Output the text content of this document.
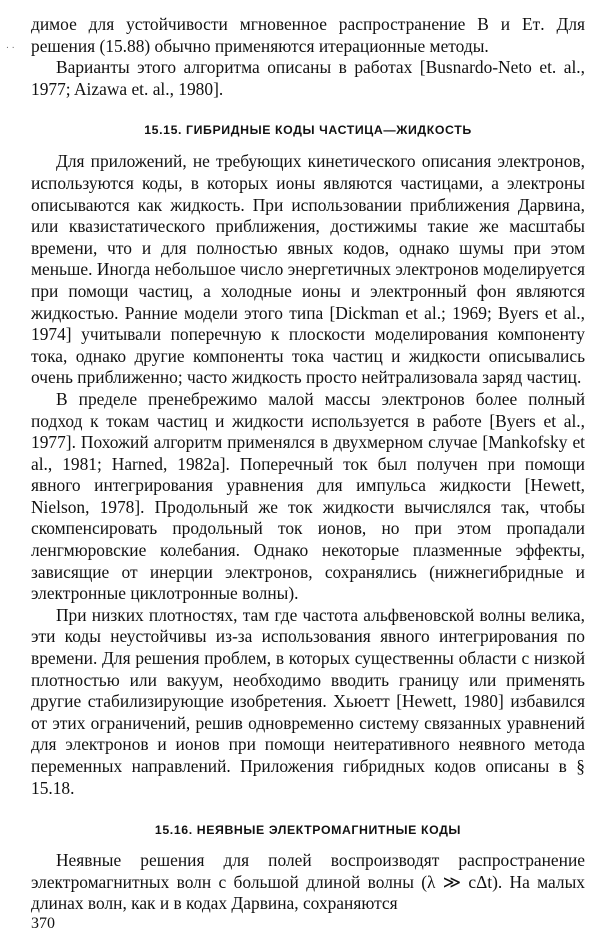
. .

димое для устойчивости мгновенное распространение B и Eᴛ. Для решения (15.88) обычно применяются итерационные методы.

Варианты этого алгоритма описаны в работах [Busnardo-Neto et. al., 1977; Aizawa et. al., 1980].

15.15. ГИБРИДНЫЕ КОДЫ ЧАСТИЦА—ЖИДКОСТЬ

Для приложений, не требующих кинетического описания электронов, используются коды, в которых ионы являются частицами, а электроны описываются как жидкость. При использовании приближения Дарвина, или квазистатического приближения, достижимы такие же масштабы времени, что и для полностью явных кодов, однако шумы при этом меньше. Иногда небольшое число энергетичных электронов моделируется при помощи частиц, а холодные ионы и электронный фон являются жидкостью. Ранние модели этого типа [Dickman et al.; 1969; Byers et al., 1974] учитывали поперечную к плоскости моделирования компоненту тока, однако другие компоненты тока частиц и жидкости описывались очень приближенно; часто жидкость просто нейтрализовала заряд частиц.

В пределе пренебрежимо малой массы электронов более полный подход к токам частиц и жидкости используется в работе [Byers et al., 1977]. Похожий алгоритм применялся в двухмерном случае [Mankofsky et al., 1981; Harned, 1982a]. Поперечный ток был получен при помощи явного интегрирования уравнения для импульса жидкости [Hewett, Nielson, 1978]. Продольный же ток жидкости вычислялся так, чтобы скомпенсировать продольный ток ионов, но при этом пропадали ленгмюровские колебания. Однако некоторые плазменные эффекты, зависящие от инерции электронов, сохранялись (нижнегибридные и электронные циклотронные волны).

При низких плотностях, там где частота альфвеновской волны велика, эти коды неустойчивы из-за использования явного интегрирования по времени. Для решения проблем, в которых существенны области с низкой плотностью или вакуум, необходимо вводить границу или применять другие стабилизирующие изобретения. Хьюетт [Hewett, 1980] избавился от этих ограничений, решив одновременно систему связанных уравнений для электронов и ионов при помощи неитеративного неявного метода переменных направлений. Приложения гибридных кодов описаны в § 15.18.

15.16. НЕЯВНЫЕ ЭЛЕКТРОМАГНИТНЫЕ КОДЫ

Неявные решения для полей воспроизводят распространение электромагнитных волн с большой длиной волны (λ ≫ cΔt). На малых длинах волн, как и в кодах Дарвина, сохраняются

370
